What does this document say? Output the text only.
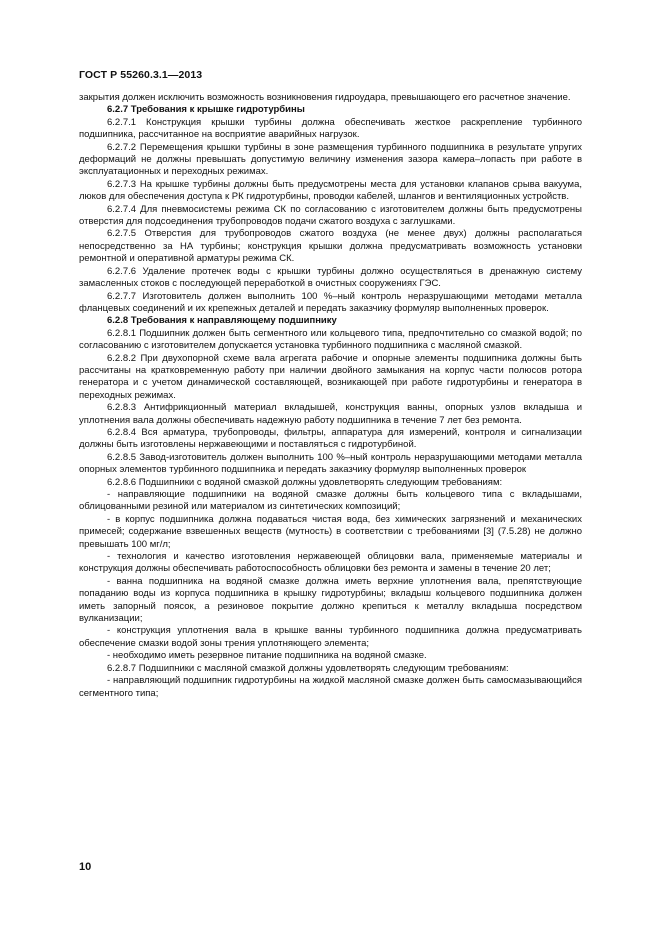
ГОСТ Р 55260.3.1—2013

закрытия должен исключить возможность возникновения гидроудара, превышающего его расчетное значение.

6.2.7 Требования к крышке гидротурбины

6.2.7.1 Конструкция крышки турбины должна обеспечивать жесткое раскрепление турбинного подшипника, рассчитанное на восприятие аварийных нагрузок.

6.2.7.2 Перемещения крышки турбины в зоне размещения турбинного подшипника в результате упругих деформаций не должны превышать допустимую величину изменения зазора камера–лопасть при работе в эксплуатационных и переходных режимах.

6.2.7.3 На крышке турбины должны быть предусмотрены места для установки клапанов срыва вакуума, люков для обеспечения доступа к РК гидротурбины, проводки кабелей, шлангов и вентиляционных устройств.

6.2.7.4 Для пневмосистемы режима СК по согласованию с изготовителем должны быть предусмотрены отверстия для подсоединения трубопроводов подачи сжатого воздуха с заглушками.

6.2.7.5 Отверстия для трубопроводов сжатого воздуха (не менее двух) должны располагаться непосредственно за НА турбины; конструкция крышки должна предусматривать возможность установки ремонтной и оперативной арматуры режима СК.

6.2.7.6 Удаление протечек воды с крышки турбины должно осуществляться в дренажную систему замасленных стоков с последующей переработкой в очистных сооружениях ГЭС.

6.2.7.7 Изготовитель должен выполнить 100 %–ный контроль неразрушающими методами металла фланцевых соединений и их крепежных деталей и передать заказчику формуляр выполненных проверок.

6.2.8 Требования к направляющему подшипнику

6.2.8.1 Подшипник должен быть сегментного или кольцевого типа, предпочтительно со смазкой водой; по согласованию с изготовителем допускается установка турбинного подшипника с масляной смазкой.

6.2.8.2 При двухопорной схеме вала агрегата рабочие и опорные элементы подшипника должны быть рассчитаны на кратковременную работу при наличии двойного замыкания на корпус части полюсов ротора генератора и с учетом динамической составляющей, возникающей при работе гидротурбины и генератора в переходных режимах.

6.2.8.3 Антифрикционный материал вкладышей, конструкция ванны, опорных узлов вкладыша и уплотнения вала должны обеспечивать надежную работу подшипника в течение 7 лет без ремонта.

6.2.8.4 Вся арматура, трубопроводы, фильтры, аппаратура для измерений, контроля и сигнализации должны быть изготовлены нержавеющими и поставляться с гидротурбиной.

6.2.8.5 Завод-изготовитель должен выполнить 100 %–ный контроль неразрушающими методами металла опорных элементов турбинного подшипника и передать заказчику формуляр выполненных проверок

6.2.8.6 Подшипники с водяной смазкой должны удовлетворять следующим требованиям:

- направляющие подшипники на водяной смазке должны быть кольцевого типа с вкладышами, облицованными резиной или материалом из синтетических композиций;

- в корпус подшипника должна подаваться чистая вода, без химических загрязнений и механических примесей; содержание взвешенных веществ (мутность) в соответствии с требованиями [3] (7.5.28) не должно превышать 100 мг/л;

- технология и качество изготовления нержавеющей облицовки вала, применяемые материалы и конструкция должны обеспечивать работоспособность облицовки без ремонта и замены в течение 20 лет;

- ванна подшипника на водяной смазке должна иметь верхние уплотнения вала, препятствующие попаданию воды из корпуса подшипника в крышку гидротурбины; вкладыш кольцевого подшипника должен иметь запорный поясок, а резиновое покрытие должно крепиться к металлу вкладыша посредством вулканизации;

- конструкция уплотнения вала в крышке ванны турбинного подшипника должна предусматривать обеспечение смазки водой зоны трения уплотняющего элемента;

- необходимо иметь резервное питание подшипника на водяной смазке.

6.2.8.7 Подшипники с масляной смазкой должны удовлетворять следующим требованиям:

- направляющий подшипник гидротурбины на жидкой масляной смазке должен быть самосмазывающийся сегментного типа;

10
